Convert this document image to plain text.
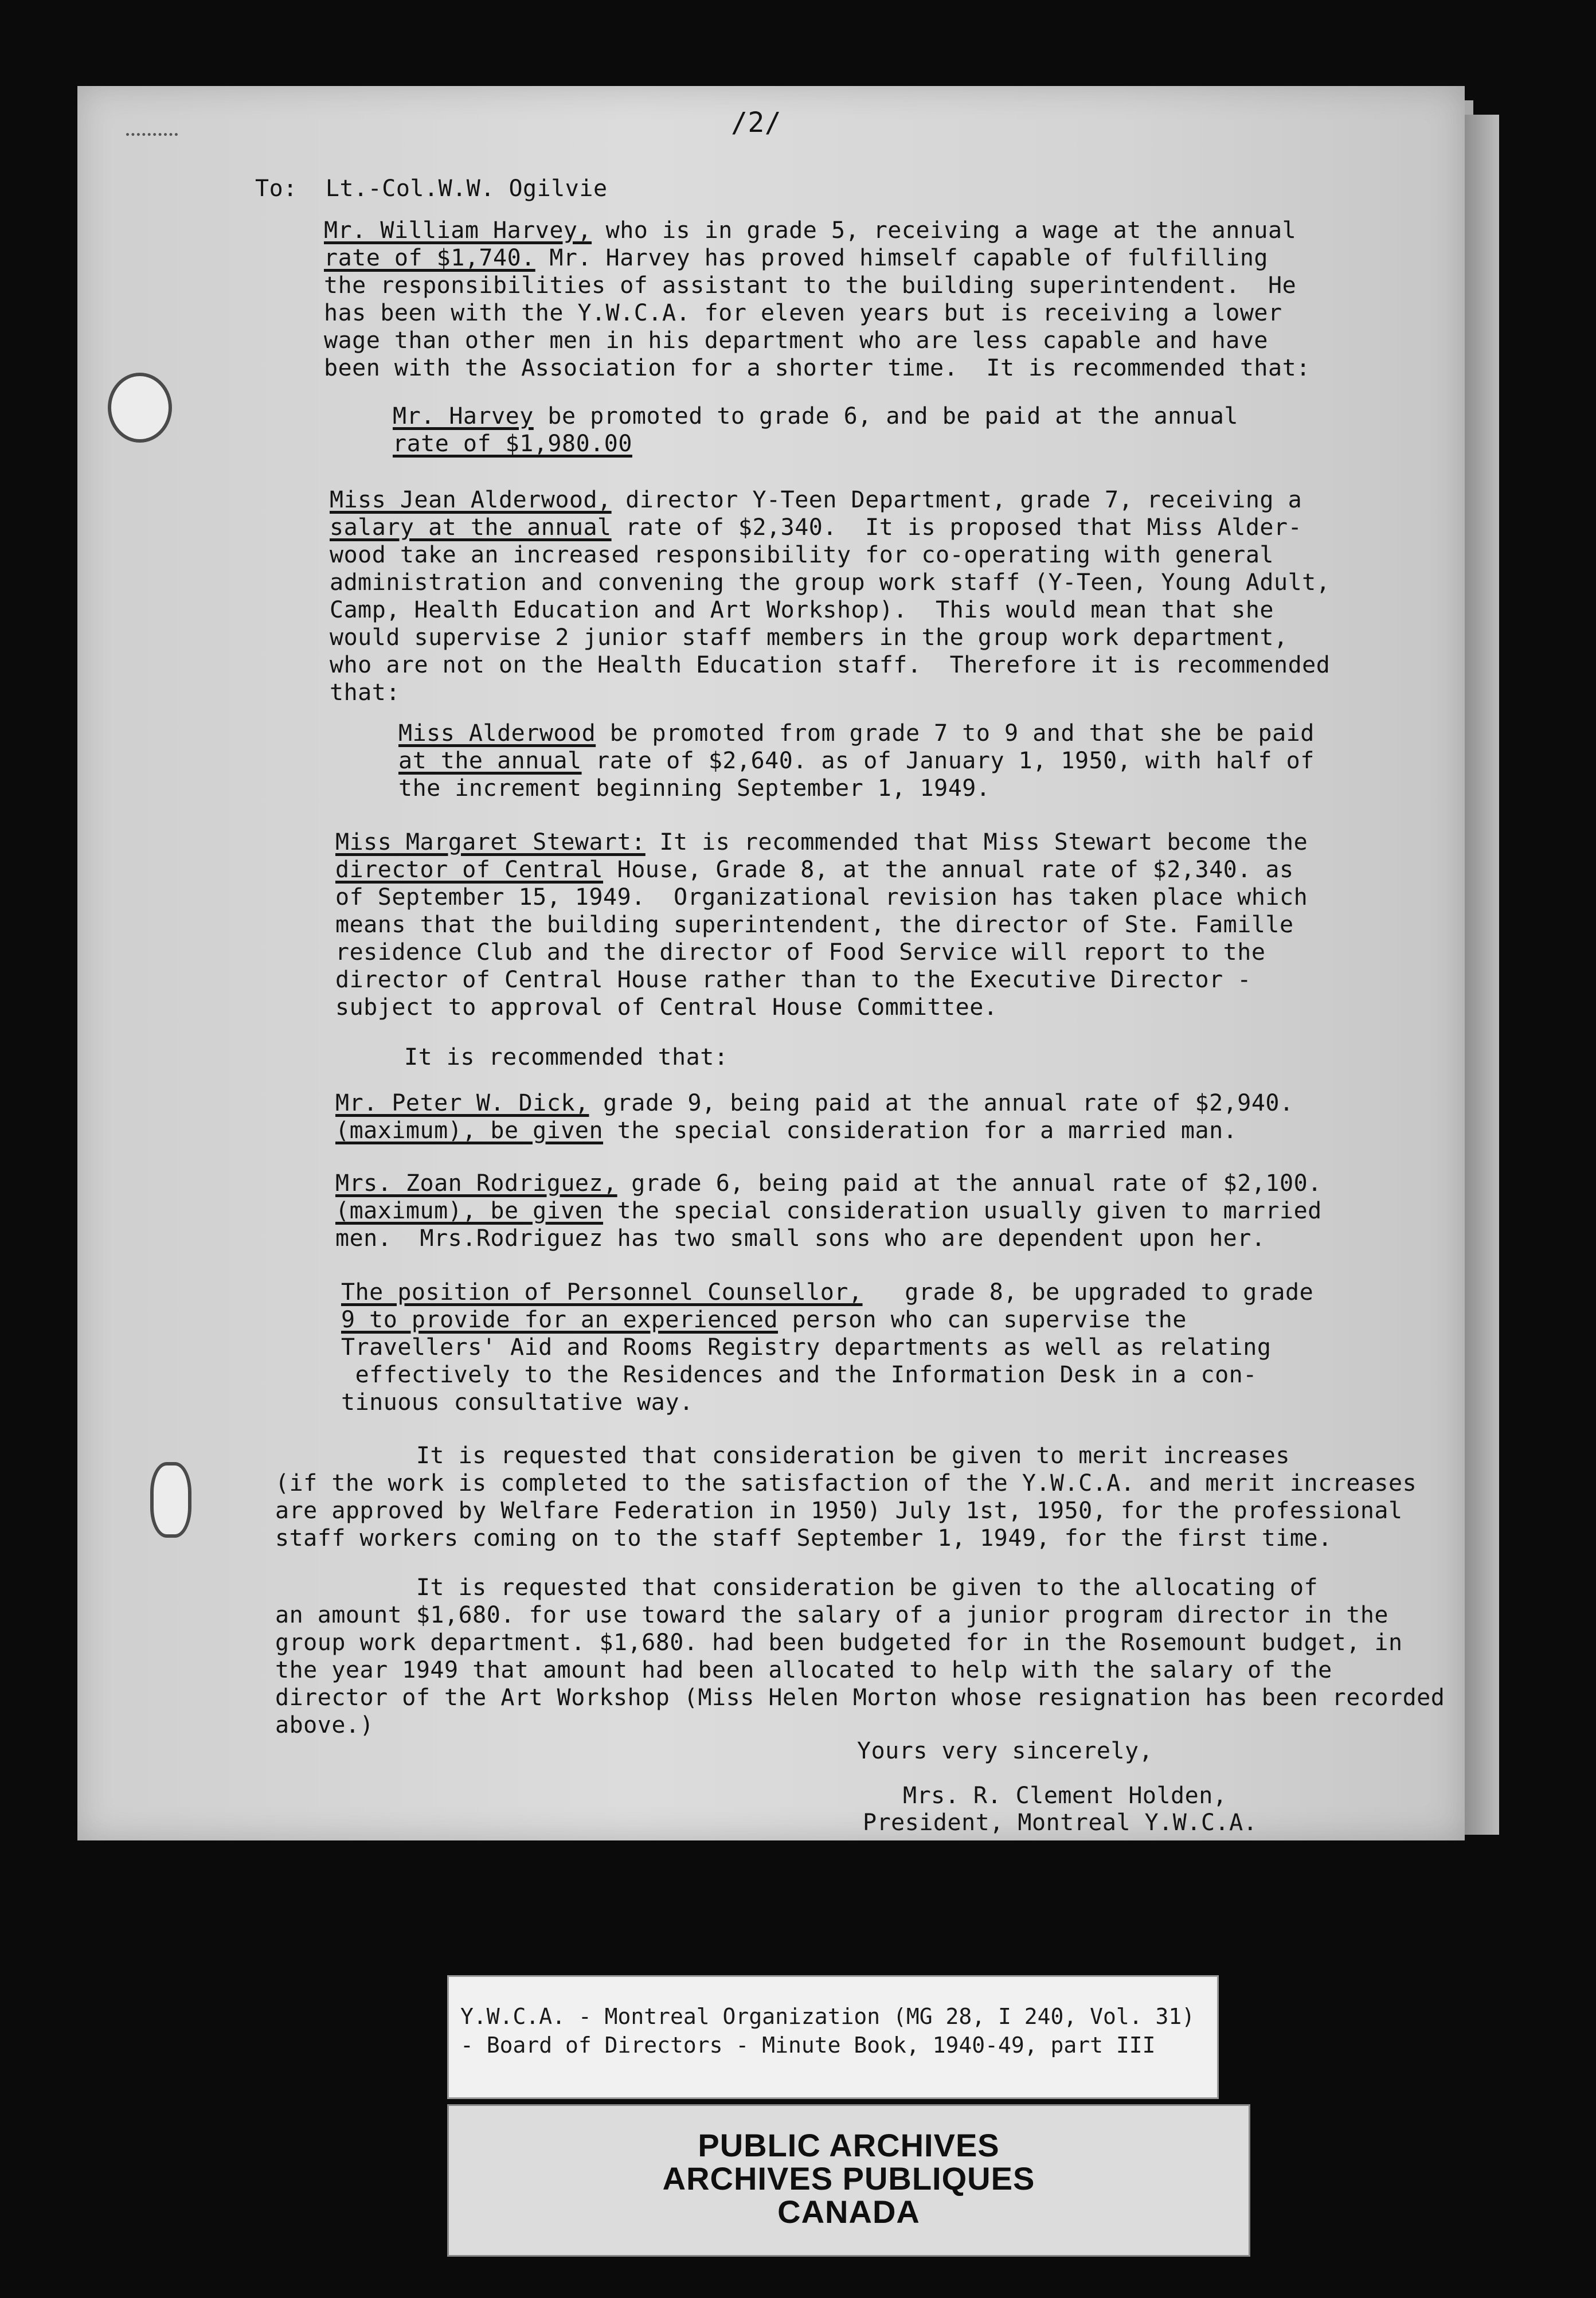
/2/
To:  Lt.-Col.W.W. Ogilvie
Mr. William Harvey, who is in grade 5, receiving a wage at the annual
rate of $1,740. Mr. Harvey has proved himself capable of fulfilling
the responsibilities of assistant to the building superintendent.  He
has been with the Y.W.C.A. for eleven years but is receiving a lower
wage than other men in his department who are less capable and have
been with the Association for a shorter time.  It is recommended that:
Mr. Harvey be promoted to grade 6, and be paid at the annual
rate of $1,980.00
Miss Jean Alderwood, director Y-Teen Department, grade 7, receiving a
salary at the annual rate of $2,340.  It is proposed that Miss Alder-
wood take an increased responsibility for co-operating with general
administration and convening the group work staff (Y-Teen, Young Adult,
Camp, Health Education and Art Workshop).  This would mean that she
would supervise 2 junior staff members in the group work department,
who are not on the Health Education staff.  Therefore it is recommended
that:
Miss Alderwood be promoted from grade 7 to 9 and that she be paid
at the annual rate of $2,640. as of January 1, 1950, with half of
the increment beginning September 1, 1949.
Miss Margaret Stewart: It is recommended that Miss Stewart become the
director of Central House, Grade 8, at the annual rate of $2,340. as
of September 15, 1949.  Organizational revision has taken place which
means that the building superintendent, the director of Ste. Famille
residence Club and the director of Food Service will report to the
director of Central House rather than to the Executive Director -
subject to approval of Central House Committee.
It is recommended that:
Mr. Peter W. Dick, grade 9, being paid at the annual rate of $2,940.
(maximum), be given the special consideration for a married man.
Mrs. Zoan Rodriguez, grade 6, being paid at the annual rate of $2,100.
(maximum), be given the special consideration usually given to married
men.  Mrs.Rodriguez has two small sons who are dependent upon her.
The position of Personnel Counsellor,   grade 8, be upgraded to grade
9 to provide for an experienced person who can supervise the
Travellers' Aid and Rooms Registry departments as well as relating
effectively to the Residences and the Information Desk in a con-
tinuous consultative way.
It is requested that consideration be given to merit increases
(if the work is completed to the satisfaction of the Y.W.C.A. and merit increases
are approved by Welfare Federation in 1950) July 1st, 1950, for the professional
staff workers coming on to the staff September 1, 1949, for the first time.
It is requested that consideration be given to the allocating of
an amount $1,680. for use toward the salary of a junior program director in the
group work department. $1,680. had been budgeted for in the Rosemount budget, in
the year 1949 that amount had been allocated to help with the salary of the
director of the Art Workshop (Miss Helen Morton whose resignation has been recorded
above.)
Yours very sincerely,
Mrs. R. Clement Holden,
President, Montreal Y.W.C.A.
Y.W.C.A. - Montreal Organization (MG 28, I 240, Vol. 31)
- Board of Directors - Minute Book, 1940-49, part III
PUBLIC ARCHIVES
ARCHIVES PUBLIQUES
CANADA
